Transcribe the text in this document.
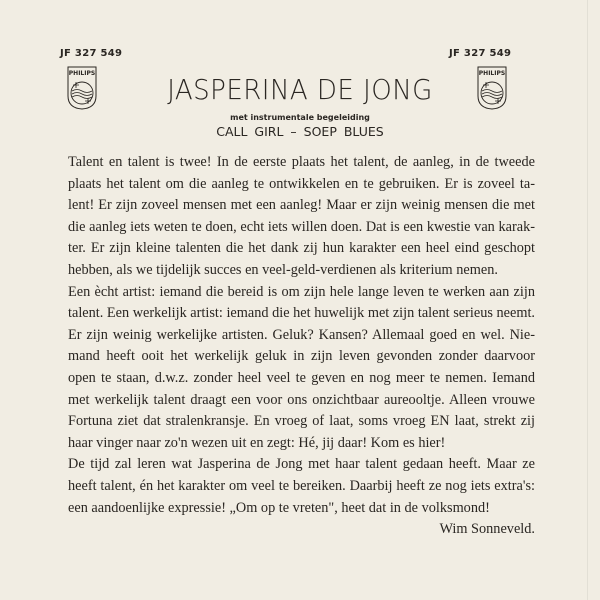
JF 327 549	JF 327 549
PHILIPS	PHILIPS
JASPERINA DE JONG
met instrumentale begeleiding
CALL GIRL – SOEP BLUES
Talent en talent is twee! In de eerste plaats het talent, de aanleg, in de tweede
plaats het talent om die aanleg te ontwikkelen en te gebruiken. Er is zoveel ta-
lent! Er zijn zoveel mensen met een aanleg! Maar er zijn weinig mensen die met
die aanleg iets weten te doen, echt iets willen doen. Dat is een kwestie van karak-
ter. Er zijn kleine talenten die het dank zij hun karakter een heel eind geschopt
hebben, als we tijdelijk succes en veel-geld-verdienen als kriterium nemen.
Een ècht artist: iemand die bereid is om zijn hele lange leven te werken aan zijn
talent. Een werkelijk artist: iemand die het huwelijk met zijn talent serieus neemt.
Er zijn weinig werkelijke artisten. Geluk? Kansen? Allemaal goed en wel. Nie-
mand heeft ooit het werkelijk geluk in zijn leven gevonden zonder daarvoor
open te staan, d.w.z. zonder heel veel te geven en nog meer te nemen. Iemand
met werkelijk talent draagt een voor ons onzichtbaar aureooltje. Alleen vrouwe
Fortuna ziet dat stralenkransje. En vroeg of laat, soms vroeg EN laat, strekt zij
haar vinger naar zo'n wezen uit en zegt: Hé, jij daar! Kom es hier!
De tijd zal leren wat Jasperina de Jong met haar talent gedaan heeft. Maar ze
heeft talent, én het karakter om veel te bereiken. Daarbij heeft ze nog iets extra's:
een aandoenlijke expressie! „Om op te vreten", heet dat in de volksmond!
Wim Sonneveld.
